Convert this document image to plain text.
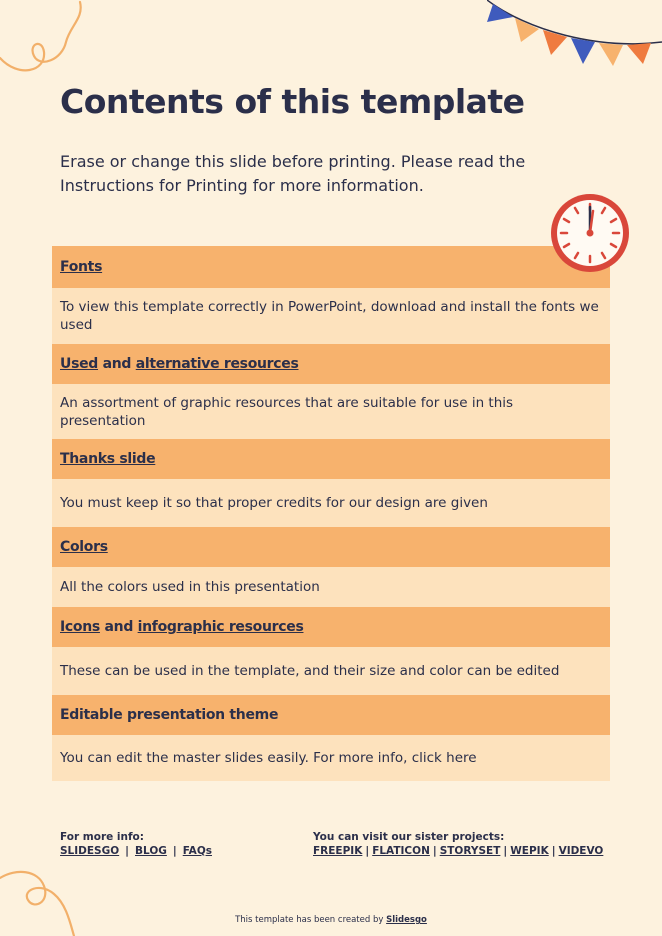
Contents of this template

Erase or change this slide before printing. Please read the Instructions for Printing for more information.

Fonts
To view this template correctly in PowerPoint, download and install the fonts we used
Used and alternative resources
An assortment of graphic resources that are suitable for use in this presentation
Thanks slide
You must keep it so that proper credits for our design are given
Colors
All the colors used in this presentation
Icons and infographic resources
These can be used in the template, and their size and color can be edited
Editable presentation theme
You can edit the master slides easily. For more info, click here
For more info:
SLIDESGO | BLOG | FAQs
You can visit our sister projects:
FREEPIK | FLATICON | STORYSET | WEPIK | VIDEVO
This template has been created by Slidesgo
